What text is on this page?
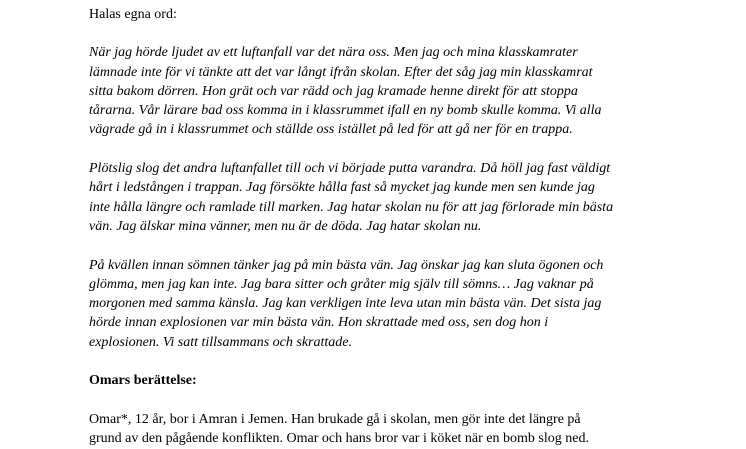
Halas egna ord:

När jag hörde ljudet av ett luftanfall var det nära oss. Men jag och mina klasskamrater
lämnade inte för vi tänkte att det var långt ifrån skolan. Efter det såg jag min klasskamrat
sitta bakom dörren. Hon grät och var rädd och jag kramade henne direkt för att stoppa
tårarna. Vår lärare bad oss komma in i klassrummet ifall en ny bomb skulle komma. Vi alla
vägrade gå in i klassrummet och ställde oss istället på led för att gå ner för en trappa.

Plötslig slog det andra luftanfallet till och vi började putta varandra. Då höll jag fast väldigt
hårt i ledstången i trappan. Jag försökte hålla fast så mycket jag kunde men sen kunde jag
inte hålla längre och ramlade till marken. Jag hatar skolan nu för att jag förlorade min bästa
vän. Jag älskar mina vänner, men nu är de döda. Jag hatar skolan nu.

På kvällen innan sömnen tänker jag på min bästa vän. Jag önskar jag kan sluta ögonen och
glömma, men jag kan inte. Jag bara sitter och gråter mig själv till sömns… Jag vaknar på
morgonen med samma känsla. Jag kan verkligen inte leva utan min bästa vän. Det sista jag
hörde innan explosionen var min bästa vän. Hon skrattade med oss, sen dog hon i
explosionen. Vi satt tillsammans och skrattade.

Omars berättelse:

Omar*, 12 år, bor i Amran i Jemen. Han brukade gå i skolan, men gör inte det längre på
grund av den pågående konflikten. Omar och hans bror var i köket när en bomb slog ned.
